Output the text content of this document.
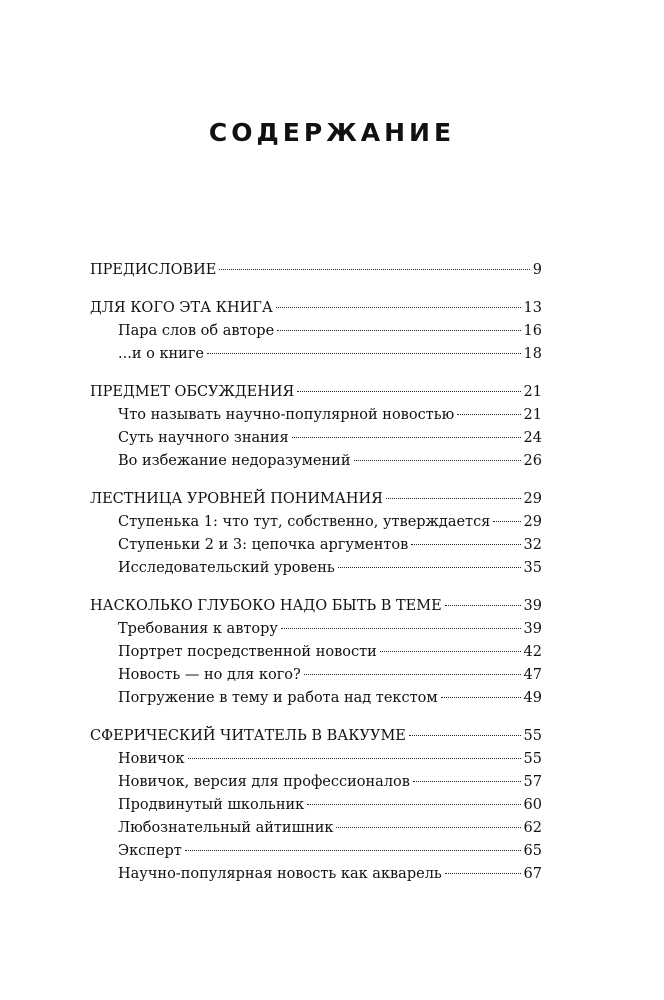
СОДЕРЖАНИЕ
ПРЕДИСЛОВИЕ	9
ДЛЯ КОГО ЭТА КНИГА	13
Пара слов об авторе	16
...и о книге	18
ПРЕДМЕТ ОБСУЖДЕНИЯ	21
Что называть научно-популярной новостью	21
Суть научного знания	24
Во избежание недоразумений	26
ЛЕСТНИЦА УРОВНЕЙ ПОНИМАНИЯ	29
Ступенька 1: что тут, собственно, утверждается 29
Ступеньки 2 и 3: цепочка аргументов	32
Исследовательский уровень	35
НАСКОЛЬКО ГЛУБОКО НАДО БЫТЬ В ТЕМЕ	39
Требования к автору	39
Портрет посредственной новости	42
Новость — но для кого?	47
Погружение в тему и работа над текстом	49
СФЕРИЧЕСКИЙ ЧИТАТЕЛЬ В ВАКУУМЕ	55
Новичок	55
Новичок, версия для профессионалов	57
Продвинутый школьник	60
Любознательный айтишник	62
Эксперт	65
Научно-популярная новость как акварель	67
